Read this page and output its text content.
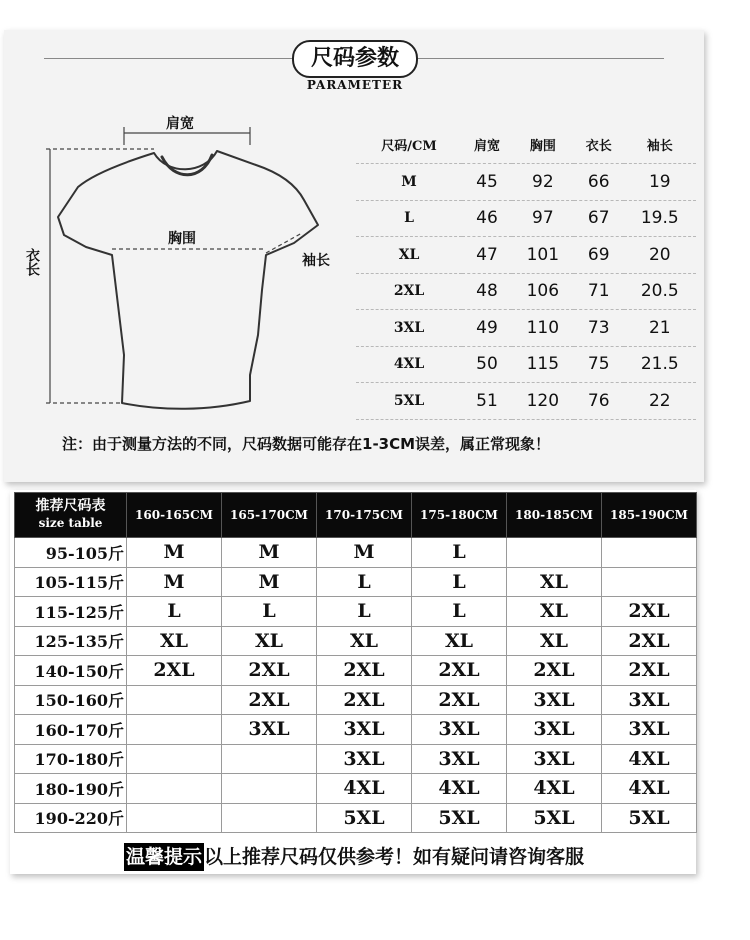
尺码参数
PARAMETER
肩宽
胸围
衣长	袖长
尺码/CM	肩宽	胸围	衣长	袖长
M	45	92	66	19
L	46	97	67	19.5
XL	47	101	69	20
2XL	48	106	71	20.5
3XL	49	110	73	21
4XL	50	115	75	21.5
5XL	51	120	76	22
注：由于测量方法的不同，尺码数据可能存在1-3CM误差，属正常现象！
推荐尺码表
size table	160-165CM	165-170CM	170-175CM	175-180CM	180-185CM	185-190CM
95-105斤	M	M	M	L		
105-115斤	M	M	L	L	XL	
115-125斤	L	L	L	L	XL	2XL
125-135斤	XL	XL	XL	XL	XL	2XL
140-150斤	2XL	2XL	2XL	2XL	2XL	2XL
150-160斤		2XL	2XL	2XL	3XL	3XL
160-170斤		3XL	3XL	3XL	3XL	3XL
170-180斤			3XL	3XL	3XL	4XL
180-190斤			4XL	4XL	4XL	4XL
190-220斤			5XL	5XL	5XL	5XL
温馨提示 以上推荐尺码仅供参考！如有疑问请咨询客服
